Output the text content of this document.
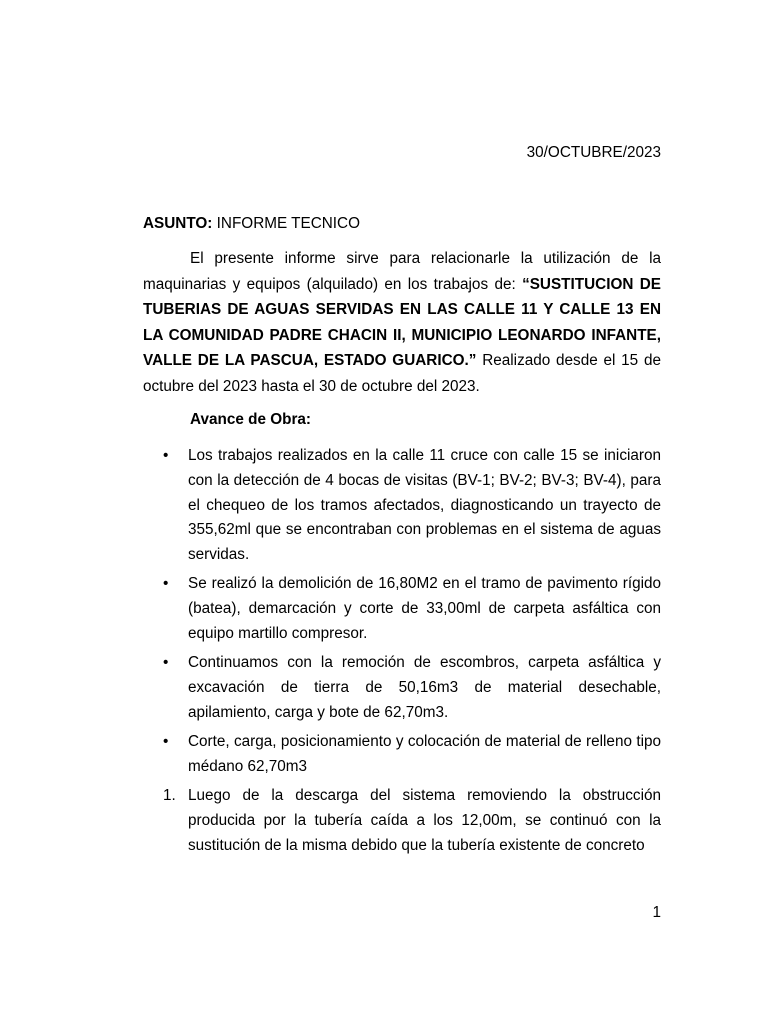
30/OCTUBRE/2023
ASUNTO: INFORME TECNICO

El presente informe sirve para relacionarle la utilización de la maquinarias y equipos (alquilado) en los trabajos de: “SUSTITUCION DE TUBERIAS DE AGUAS SERVIDAS EN LAS CALLE 11 Y CALLE 13 EN LA COMUNIDAD PADRE CHACIN II, MUNICIPIO LEONARDO INFANTE, VALLE DE LA PASCUA, ESTADO GUARICO.” Realizado desde el 15 de octubre del 2023 hasta el 30 de octubre del 2023.

Avance de Obra:
• Los trabajos realizados en la calle 11 cruce con calle 15 se iniciaron con la detección de 4 bocas de visitas (BV-1; BV-2; BV-3; BV-4), para el chequeo de los tramos afectados, diagnosticando un trayecto de 355,62ml que se encontraban con problemas en el sistema de aguas servidas.
• Se realizó la demolición de 16,80M2 en el tramo de pavimento rígido (batea), demarcación y corte de 33,00ml de carpeta asfáltica con equipo martillo compresor.
• Continuamos con la remoción de escombros, carpeta asfáltica y excavación de tierra de 50,16m3 de material desechable, apilamiento, carga y bote de 62,70m3.
• Corte, carga, posicionamiento y colocación de material de relleno tipo médano 62,70m3
1. Luego de la descarga del sistema removiendo la obstrucción producida por la tubería caída a los 12,00m, se continuó con la sustitución de la misma debido que la tubería existente de concreto
1
